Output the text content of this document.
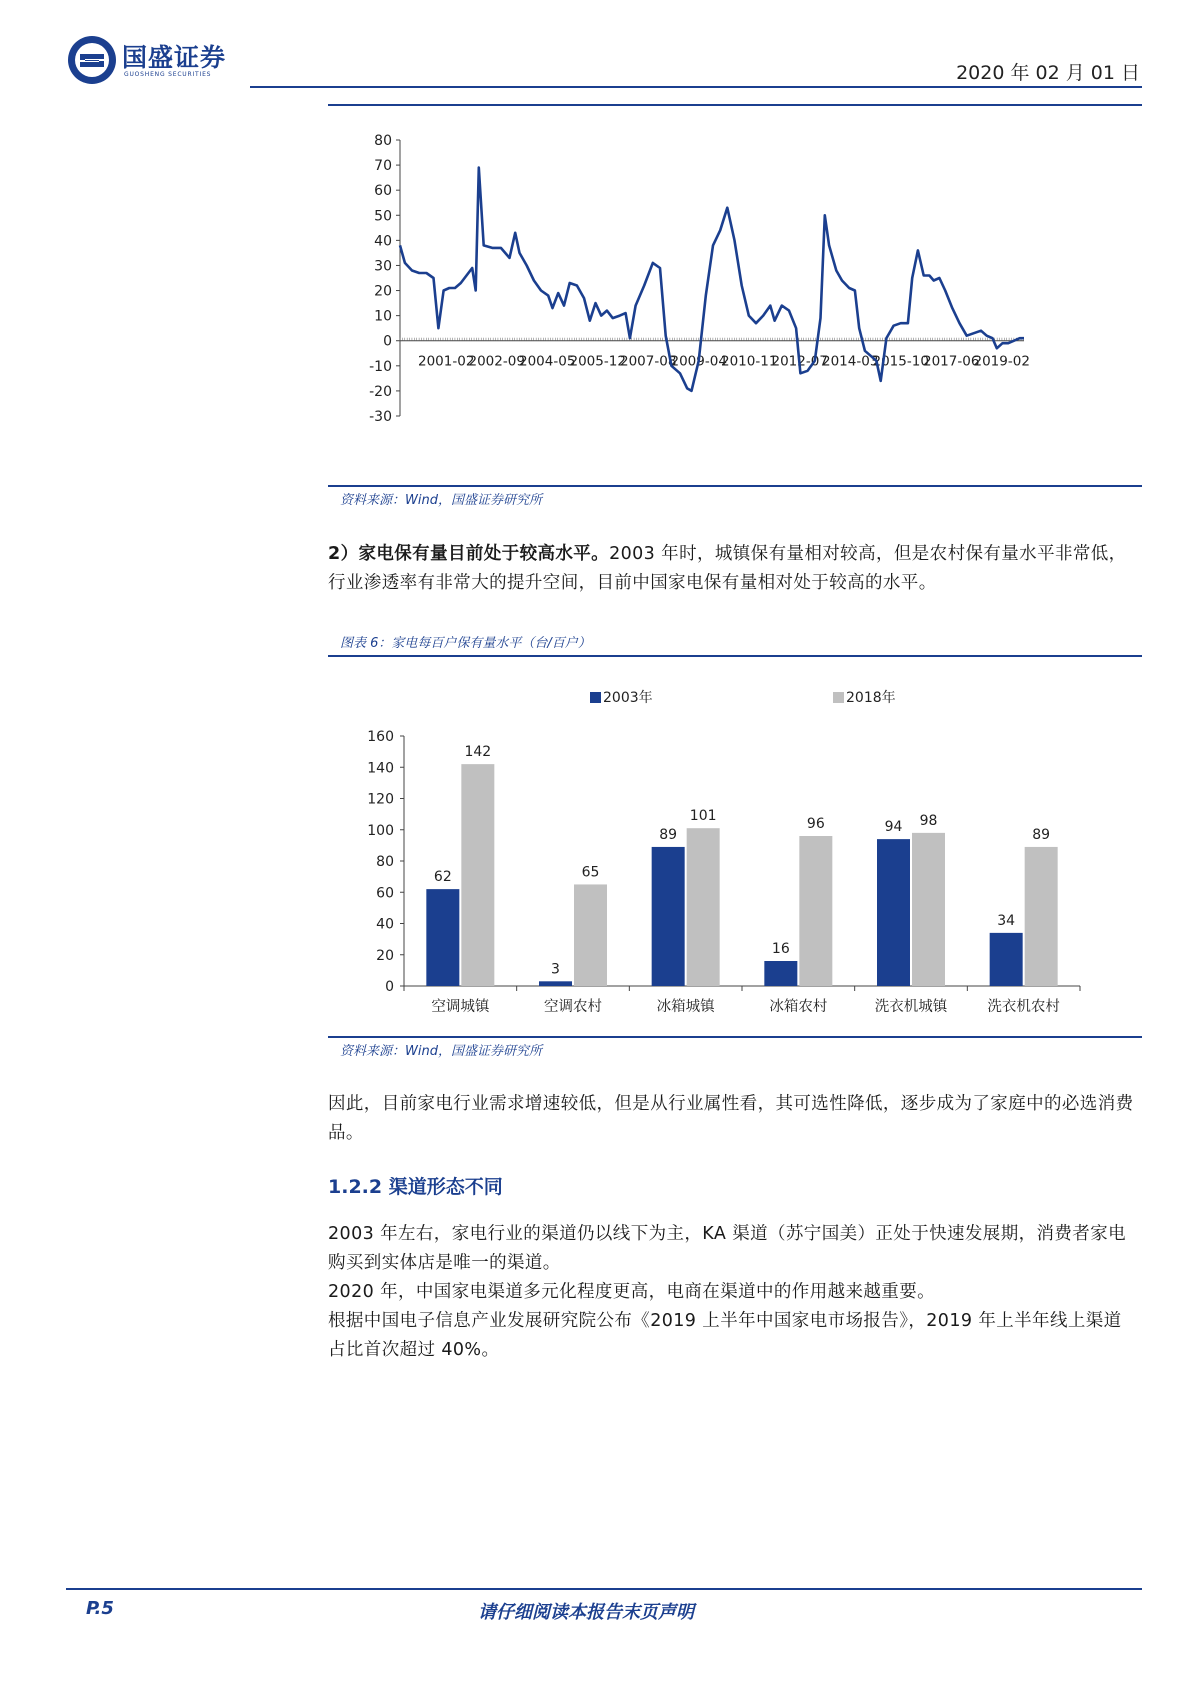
国盛证券
GUOSHENG SECURITIES	2020 年 02 月 01 日
80
70
60
50
40
30
20
10
0
-10
-20
-30
2001-02
2002-09
2004-05
2005-12
2007-08
2009-04
2010-11
2012-07
2014-03
2015-10
2017-06
2019-02
资料来源：Wind，国盛证券研究所
2）家电保有量目前处于较高水平。2003 年时，城镇保有量相对较高，但是农村保有量水平非常低，行业渗透率有非常大的提升空间，目前中国家电保有量相对处于较高的水平。
图表 6：家电每百户保有量水平（台/百户）
2003年	2018年
160
140
120
100
80
60
40
20
0
62
142
空调城镇
3
65
空调农村
89
101
冰箱城镇
16
96
冰箱农村
94 98
洗衣机城镇
34
89
洗衣机农村
资料来源：Wind，国盛证券研究所
因此，目前家电行业需求增速较低，但是从行业属性看，其可选性降低，逐步成为了家庭中的必选消费品。
1.2.2 渠道形态不同
2003 年左右，家电行业的渠道仍以线下为主，KA 渠道（苏宁国美）正处于快速发展期，消费者家电购买到实体店是唯一的渠道。
2020 年，中国家电渠道多元化程度更高，电商在渠道中的作用越来越重要。
根据中国电子信息产业发展研究院公布《2019 上半年中国家电市场报告》，2019 年上半年线上渠道占比首次超过 40%。
P.5	请仔细阅读本报告末页声明
